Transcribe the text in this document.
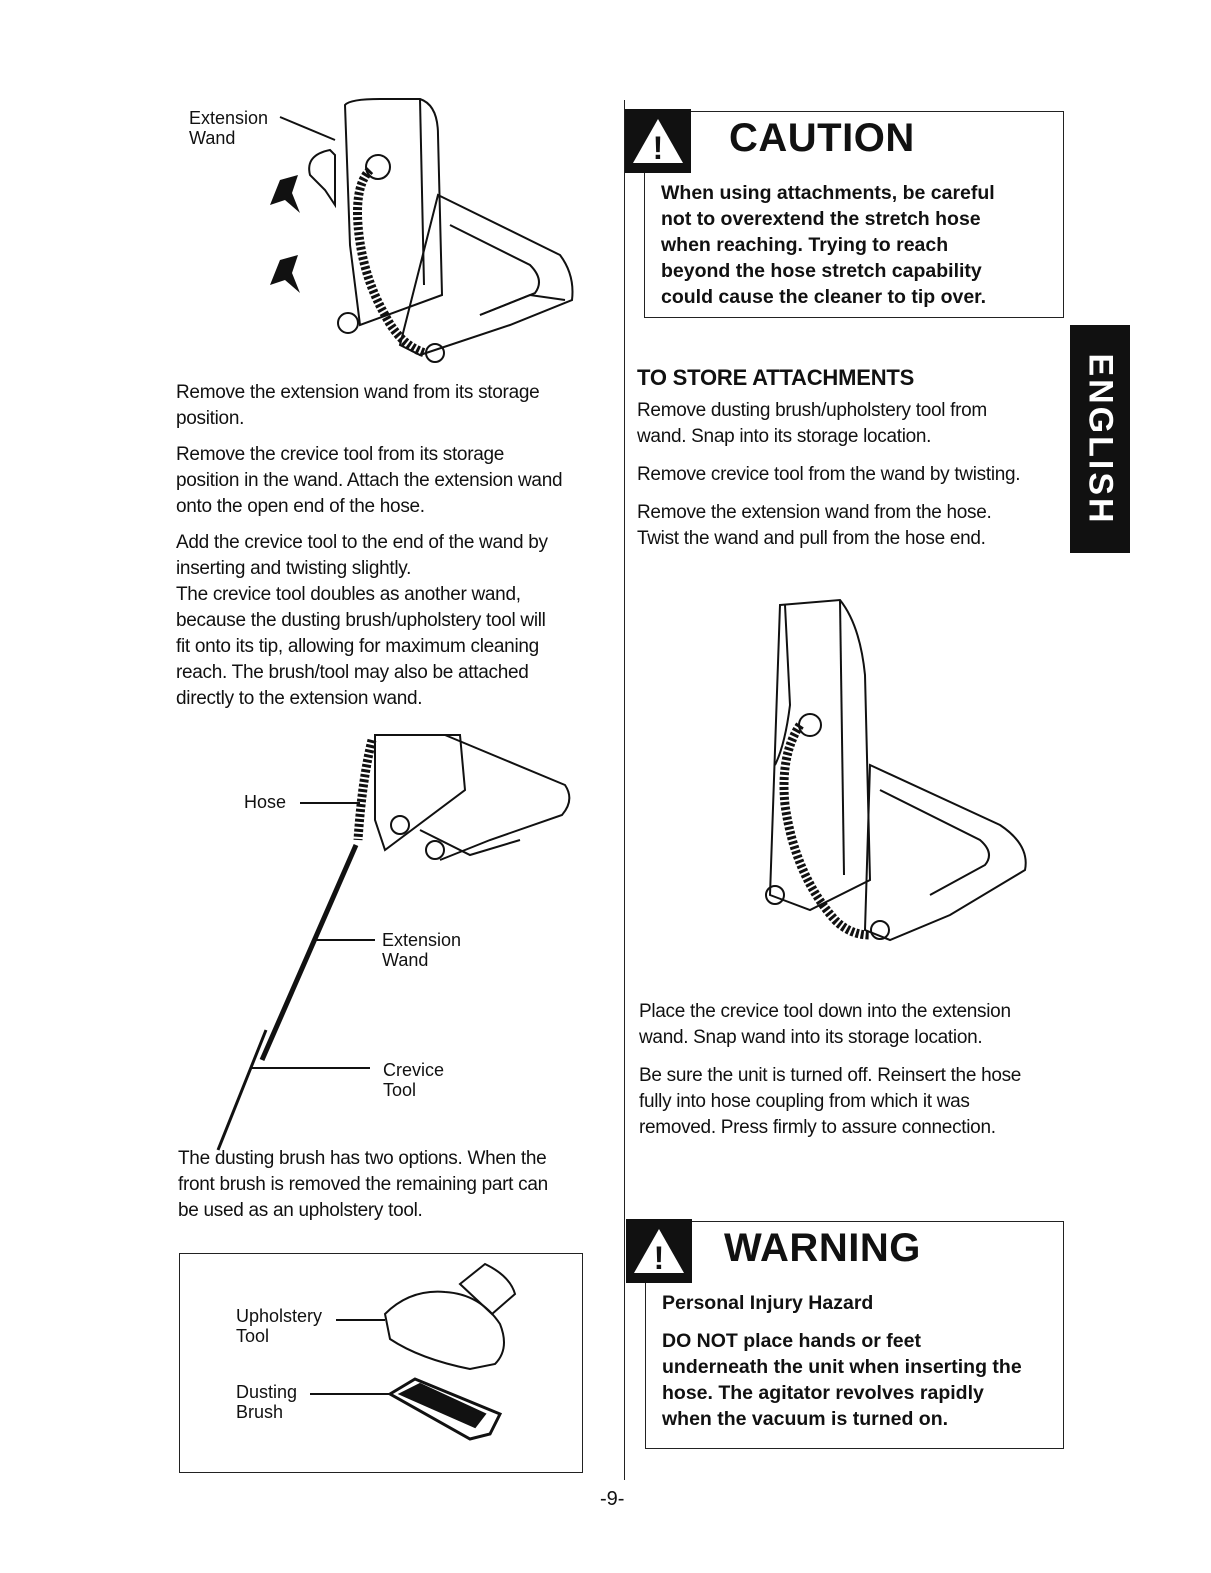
Extension
Wand

Remove the extension wand from its storage
position.

Remove the crevice tool from its storage
position in the wand. Attach the extension wand
onto the open end of the hose.

Add the crevice tool to the end of the wand by
inserting and twisting slightly.
The crevice tool doubles as another wand,
because the dusting brush/upholstery tool will
fit onto its tip, allowing for maximum cleaning
reach. The brush/tool may also be attached
directly to the extension wand.

Hose
Extension
Wand
Crevice
Tool

The dusting brush has two options. When the
front brush is removed the remaining part can
be used as an upholstery tool.

Upholstery
Tool
Dusting
Brush
! CAUTION
When using attachments, be careful
not to overextend the stretch hose
when reaching. Trying to reach
beyond the hose stretch capability
could cause the cleaner to tip over.
TO STORE ATTACHMENTS

Remove dusting brush/upholstery tool from
wand. Snap into its storage location.

Remove crevice tool from the wand by twisting.

Remove the extension wand from the hose.
Twist the wand and pull from the hose end.

Place the crevice tool down into the extension
wand. Snap wand into its storage location.

Be sure the unit is turned off. Reinsert the hose
fully into hose coupling from which it was
removed. Press firmly to assure connection.

! WARNING
Personal Injury Hazard
DO NOT place hands or feet
underneath the unit when inserting the
hose. The agitator revolves rapidly
when the vacuum is turned on.
ENGLISH
-9-
